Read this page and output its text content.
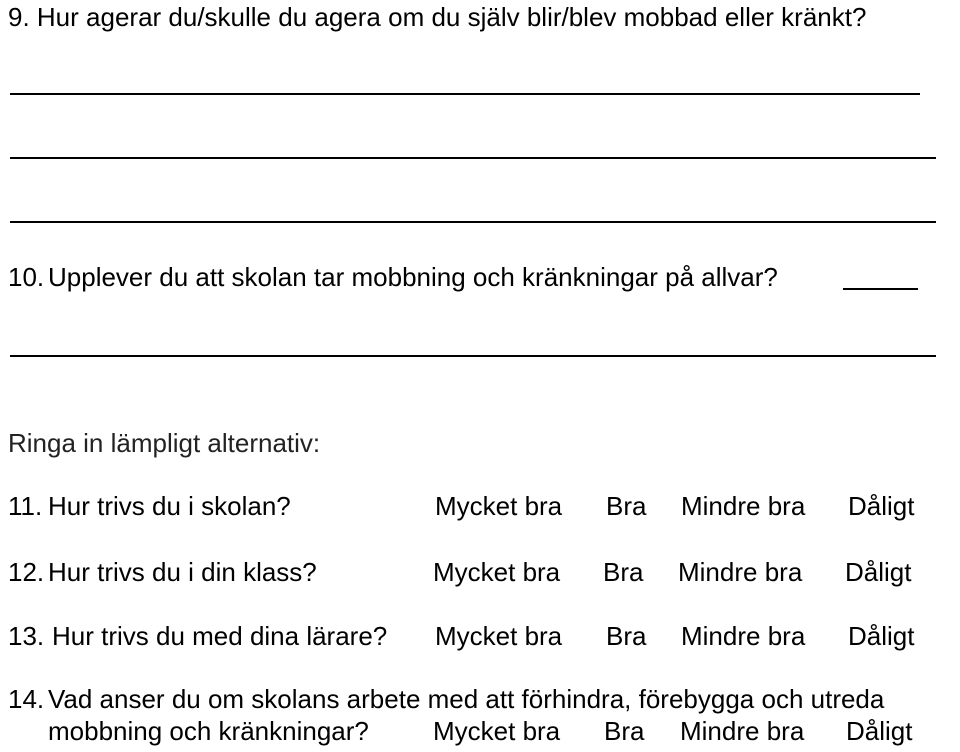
9. Hur agerar du/skulle du agera om du själv blir/blev mobbad eller kränkt?
10. Upplever du att skolan tar mobbning och kränkningar på allvar?
Ringa in lämpligt alternativ:
11. Hur trivs du i skolan?	Mycket bra Bra Mindre bra Dåligt
12. Hur trivs du i din klass?	Mycket bra Bra Mindre bra Dåligt
13. Hur trivs du med dina lärare? Mycket bra Bra Mindre bra Dåligt
14. Vad anser du om skolans arbete med att förhindra, förebygga och utreda
mobbning och kränkningar? Mycket bra Bra Mindre bra Dåligt
